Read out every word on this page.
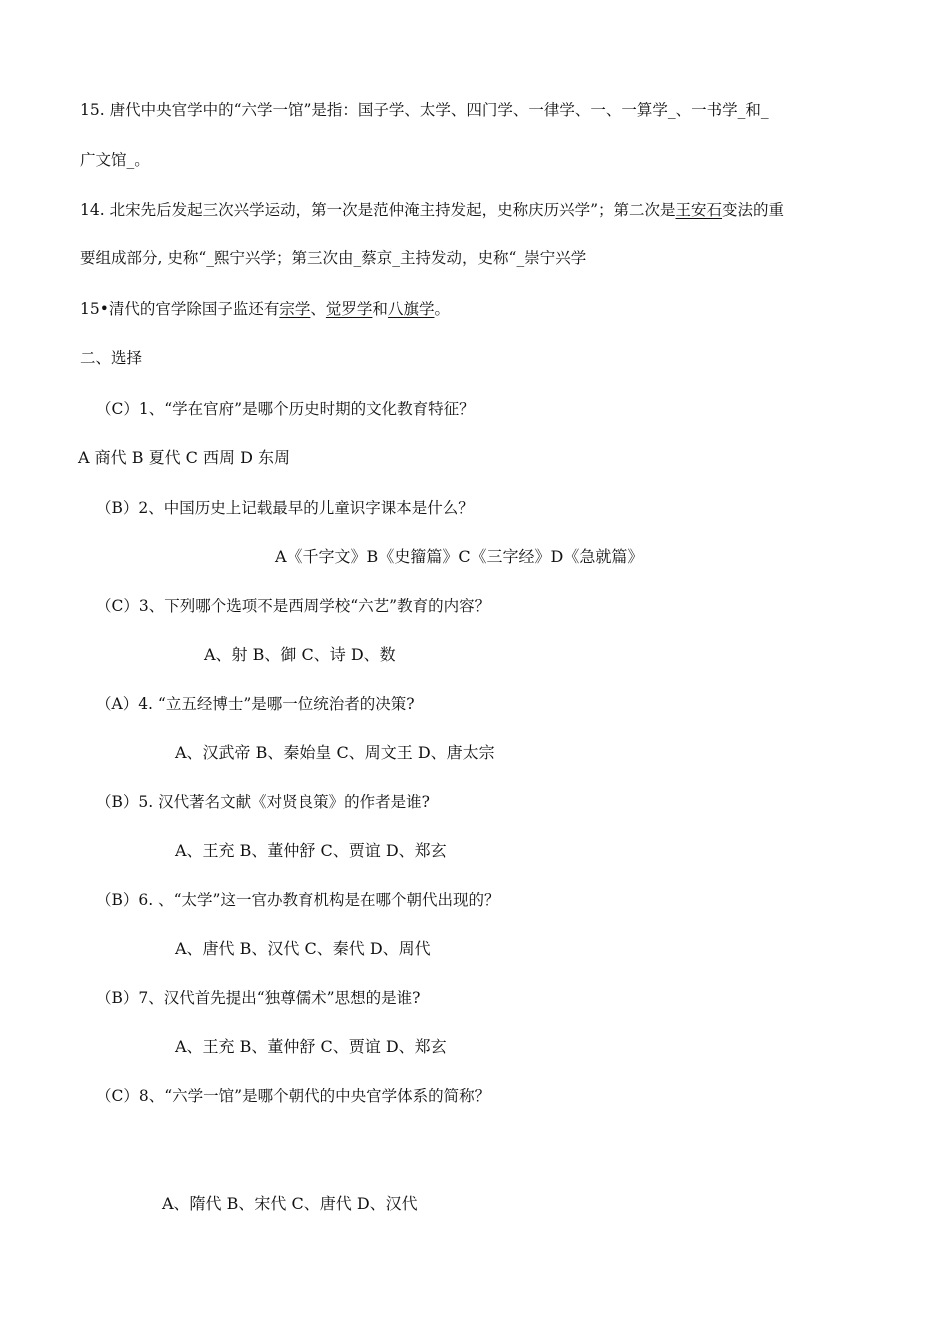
15. 唐代中央官学中的“六学一馆”是指：国子学、太学、四门学、一律学、一、一算学_、一书学_和_
广文馆_。
14. 北宋先后发起三次兴学运动，第一次是范仲淹主持发起，史称庆历兴学”；第二次是王安石变法的重
要组成部分, 史称“_熙宁兴学；第三次由_蔡京_主持发动，史称“_崇宁兴学
15•清代的官学除国子监还有宗学、觉罗学和八旗学。
二、选择
（C）1、“学在官府”是哪个历史时期的文化教育特征？
A 商代 B 夏代 C 西周 D 东周
（B）2、中国历史上记载最早的儿童识字课本是什么？
A《千字文》B《史籀篇》C《三字经》D《急就篇》
（C）3、下列哪个选项不是西周学校“六艺”教育的内容？
A、射 B、御 C、诗 D、数
（A）4. “立五经博士”是哪一位统治者的决策?
A、汉武帝 B、秦始皇 C、周文王 D、唐太宗
（B）5. 汉代著名文献《对贤良策》的作者是谁?
A、王充 B、董仲舒 C、贾谊 D、郑玄
（B）6. 、“太学”这一官办教育机构是在哪个朝代出现的？
A、唐代 B、汉代 C、秦代 D、周代
（B）7、汉代首先提出“独尊儒术”思想的是谁?
A、王充 B、董仲舒 C、贾谊 D、郑玄
（C）8、“六学一馆”是哪个朝代的中央官学体系的简称？
A、隋代 B、宋代 C、唐代 D、汉代
